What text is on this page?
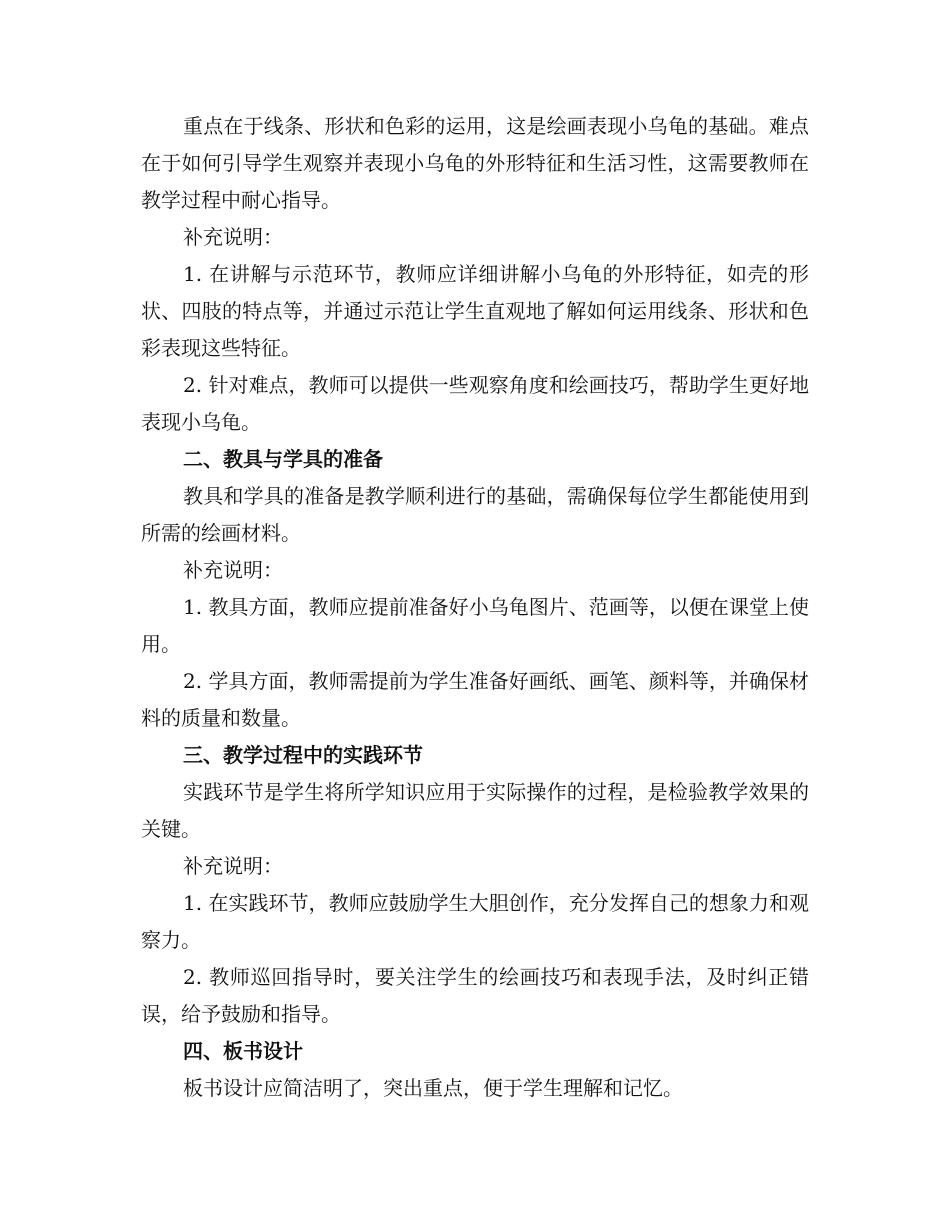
重点在于线条、形状和色彩的运用，这是绘画表现小乌龟的基础。难点在于如何引导学生观察并表现小乌龟的外形特征和生活习性，这需要教师在教学过程中耐心指导。

补充说明：

1. 在讲解与示范环节，教师应详细讲解小乌龟的外形特征，如壳的形状、四肢的特点等，并通过示范让学生直观地了解如何运用线条、形状和色彩表现这些特征。

2. 针对难点，教师可以提供一些观察角度和绘画技巧，帮助学生更好地表现小乌龟。

二、教具与学具的准备

教具和学具的准备是教学顺利进行的基础，需确保每位学生都能使用到所需的绘画材料。

补充说明：

1. 教具方面，教师应提前准备好小乌龟图片、范画等，以便在课堂上使用。

2. 学具方面，教师需提前为学生准备好画纸、画笔、颜料等，并确保材料的质量和数量。

三、教学过程中的实践环节

实践环节是学生将所学知识应用于实际操作的过程，是检验教学效果的关键。

补充说明：

1. 在实践环节，教师应鼓励学生大胆创作，充分发挥自己的想象力和观察力。

2. 教师巡回指导时，要关注学生的绘画技巧和表现手法，及时纠正错误，给予鼓励和指导。

四、板书设计

板书设计应简洁明了，突出重点，便于学生理解和记忆。
